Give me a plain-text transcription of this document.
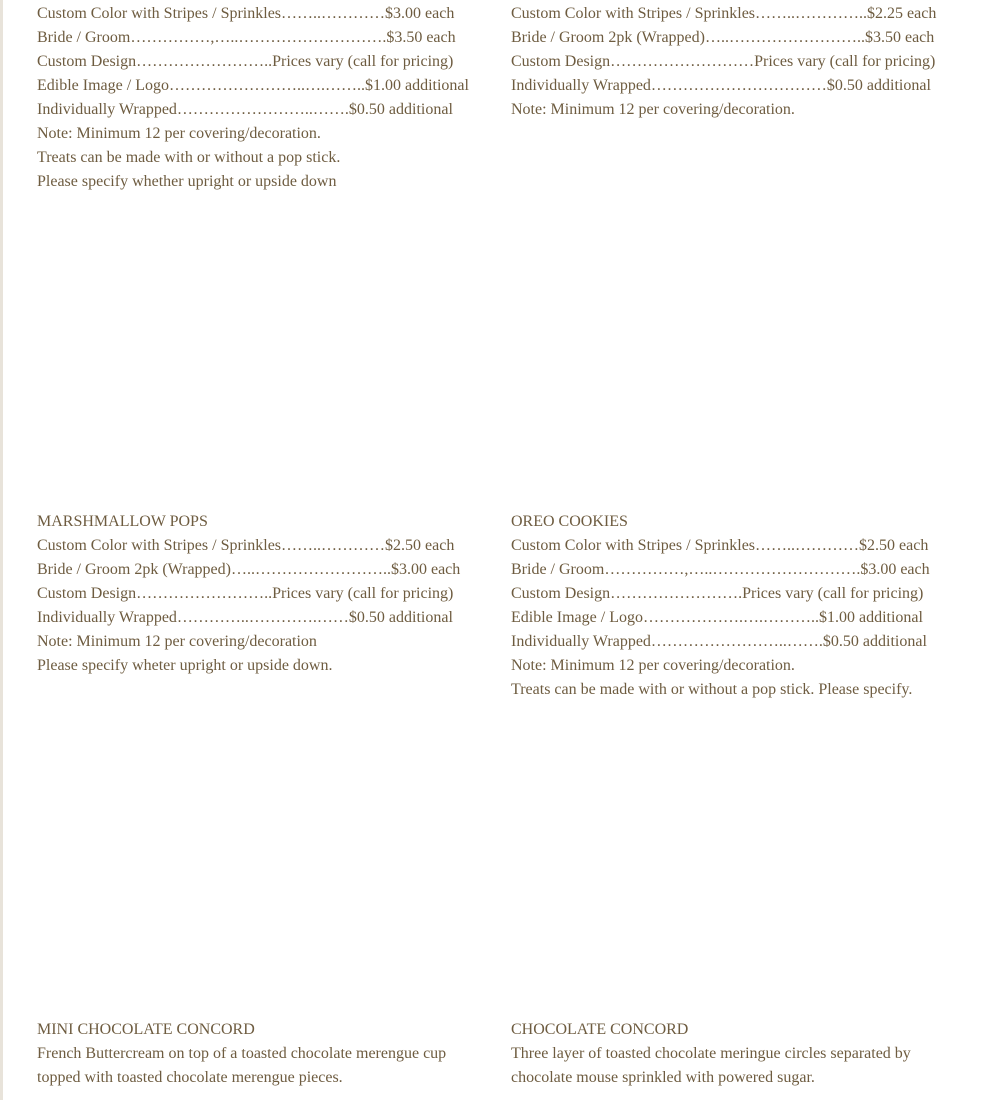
Custom Color with Stripes / Sprinkles……..…………$3.00 each
Bride / Groom……………,…..……………………….$3.50 each
Custom Design……………………..Prices vary (call for pricing)
Edible Image / Logo……………………..….……..$1.00 additional
Individually Wrapped……………………..…….$0.50 additional
Note: Minimum 12 per covering/decoration.
Treats can be made with or without a pop stick.
Please specify whether upright or upside down
Custom Color with Stripes / Sprinkles……..…………..$2.25 each
Bride / Groom 2pk (Wrapped)…..……………………..$3.50 each
Custom Design………………………Prices vary (call for pricing)
Individually Wrapped……………………………$0.50 additional
Note: Minimum 12 per covering/decoration.
MARSHMALLOW POPS
Custom Color with Stripes / Sprinkles……..…………$2.50 each
Bride / Groom 2pk (Wrapped)…..……………………..$3.00 each
Custom Design……………………..Prices vary (call for pricing)
Individually Wrapped…………..………….……$0.50 additional
Note: Minimum 12 per covering/decoration
Please specify wheter upright or upside down.
OREO COOKIES
Custom Color with Stripes / Sprinkles……..…………$2.50 each
Bride / Groom……………,…..……………………….$3.00 each
Custom Design…………………….Prices vary (call for pricing)
Edible Image / Logo……………….….………..$1.00 additional
Individually Wrapped……………………..…….$0.50 additional
Note: Minimum 12 per covering/decoration.
Treats can be made with or without a pop stick. Please specify.
MINI CHOCOLATE CONCORD
French Buttercream on top of a toasted chocolate merengue cup
topped with toasted chocolate merengue pieces.
CHOCOLATE CONCORD
Three layer of toasted chocolate meringue circles separated by
chocolate mouse sprinkled with powered sugar.
